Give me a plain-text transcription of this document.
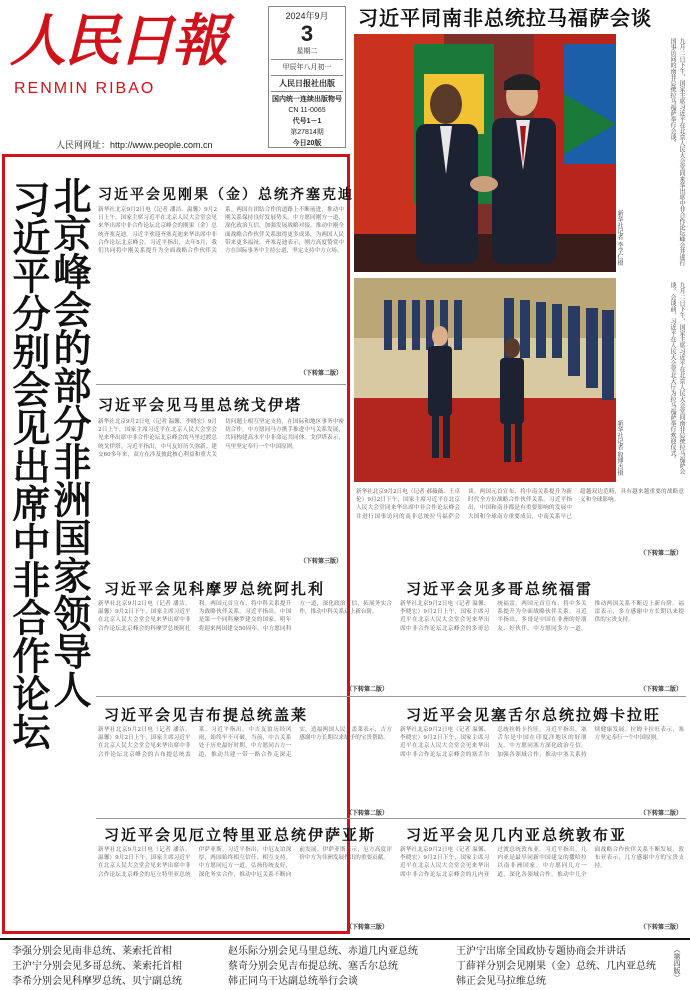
人民日報
RENMIN RIBAO
人民网网址：http://www.people.com.cn
2024年9月
3
星期二
甲辰年八月初一
人民日报社出版
国内统一连续出版物号
CN 11-0065
代号1－1
第27814期
今日20版
习近平同南非总统拉马福萨会谈
九月二日下午，国家主席习近平在北京人民大会堂同来华出席中非合作论坛峰会并进行国事访问的南非总统拉马福萨举行会谈。
新华社记者 李学仁摄
九月二日下午，国家主席习近平在北京人民大会堂同南非总统拉马福萨会谈。会谈前，习近平在人民大会堂北大厅为拉马福萨举行欢迎仪式。
新华社记者 殷博古摄
新华社北京9月2日电（记者 郝薇薇、王卓伦）9月2日下午，国家主席习近平在北京人民大会堂同来华出席中非合作论坛峰会并进行国事访问的南非总统拉马福萨会谈。两国元首宣布，将中南关系提升为新时代全方位战略合作伙伴关系。习近平指出，中国和南非都是有重要影响的发展中大国和全球南方重要成员，中南关系早已超越双边范畴，具有越来越重要的战略意义和全球影响。
（下转第二版）
习近平分别会见出席中非合作论坛
北京峰会的部分非洲国家领导人 习近平会见刚果（金）总统齐塞克迪
新华社北京9月2日电（记者 潘洁、温馨）9月2日上午，国家主席习近平在北京人民大会堂会见来华出席中非合作论坛北京峰会的刚果（金）总统齐塞克迪。习近平欢迎齐塞克迪来华出席中非合作论坛北京峰会。习近平指出，去年5月，我们共同将中刚关系提升为全面战略合作伙伴关系。两国在团结合作的道路上不断前进，推动中刚关系保持良好发展势头。中方愿同刚方一道，深化政治互信，加强发展战略对接，推动中刚全面战略合作伙伴关系取得更多成果，为两国人民带来更多福祉。齐塞克迪表示，刚方高度赞赏中方在国际事务中主持公道，坚定支持中方立场。
（下转第二版）
习近平会见马里总统戈伊塔
新华社北京9月2日电（记者 温馨、李晓宏）9月2日上午，国家主席习近平在北京人民大会堂会见来华出席中非合作论坛北京峰会的马里过渡总统戈伊塔。习近平指出，中马友好历久弥新。建交60多年来，双方在涉及彼此核心利益和重大关切问题上相互坚定支持，在国际和地区事务中密切合作。中方愿同马方携手推进中马关系发展，共同构建高水平中非命运共同体。戈伊塔表示，马里坚定奉行一个中国原则。
（下转第三版）
习近平会见科摩罗总统阿扎利
新华社北京9月2日电（记者 潘洁、温馨）9月2日下午，国家主席习近平在北京人民大会堂会见来华出席中非合作论坛北京峰会的科摩罗总统阿扎利。两国元首宣布，将中科关系提升为战略伙伴关系。习近平指出，中国是第一个同科摩罗建交的国家。明年将迎来两国建交50周年。中方愿同科方一道，深化政治互信，拓展务实合作，推动中科关系迈上新台阶。
（下转第二版）
习近平会见多哥总统福雷
新华社北京9月2日电（记者 温馨、李晓宏）9月2日上午，国家主席习近平在北京人民大会堂会见来华出席中非合作论坛北京峰会的多哥总统福雷。两国元首宣布，将中多关系提升为全面战略伙伴关系。习近平指出，多哥是中国在非洲的好朋友、好伙伴。中方愿同多方一道，推动两国关系不断迈上新台阶。福雷表示，多方感谢中方长期以来提供的宝贵支持。
（下转第二版）
习近平会见吉布提总统盖莱
新华社北京9月2日电（记者 潘洁、温馨）9月2日上午，国家主席习近平在北京人民大会堂会见来华出席中非合作论坛北京峰会的吉布提总统盖莱。习近平指出，中吉友谊历经风雨，始终牢不可破。当前，中吉关系处于历史最好时期，中方愿同吉方一道，推动共建一带一路合作走深走实，造福两国人民。盖莱表示，吉方感谢中方长期以来给予的宝贵帮助。
（下转第二版）
习近平会见塞舌尔总统拉姆卡拉旺
新华社北京9月2日电（记者 温馨、李晓宏）9月2日下午，国家主席习近平在北京人民大会堂会见来华出席中非合作论坛北京峰会的塞舌尔总统拉姆卡拉旺。习近平指出，塞舌尔是中国在印度洋地区的好朋友。中方愿同塞方深化政治互信，加强各领域合作，推动中塞关系持续健康发展。拉姆卡拉旺表示，塞方坚定奉行一个中国原则。
（下转第二版）
习近平会见厄立特里亚总统伊萨亚斯
新华社北京9月2日电（记者 潘洁、温馨）9月2日下午，国家主席习近平在北京人民大会堂会见来华出席中非合作论坛北京峰会的厄立特里亚总统伊萨亚斯。习近平指出，中厄友谊深厚，两国始终相互信任、相互支持。中方愿同厄方一道，弘扬传统友好，深化务实合作，推动中厄关系不断向前发展。伊萨亚斯表示，厄方高度评价中方为非洲发展作出的重要贡献。
（下转第三版）
习近平会见几内亚总统敦布亚
新华社北京9月2日电（记者 温馨、李晓宏）9月2日下午，国家主席习近平在北京人民大会堂会见来华出席中非合作论坛北京峰会的几内亚过渡总统敦布亚。习近平指出，几内亚是最早同新中国建交的撒哈拉以南非洲国家。中方愿同几方一道，深化各领域合作，推动中几全面战略合作伙伴关系不断发展。敦布亚表示，几方感谢中方的宝贵支持。
（下转第三版）
李强分别会见南非总统、莱索托首相
王沪宁分别会见多哥总统、莱索托首相
李希分别会见科摩罗总统、贝宁副总统
赵乐际分别会见马里总统、赤道几内亚总统
蔡奇分别会见吉布提总统、塞舌尔总统
韩正同乌干达副总统举行会谈
王沪宁出席全国政协专题协商会并讲话
丁薛祥分别会见刚果（金）总统、几内亚总统
韩正会见马拉维总统
（第四版）
